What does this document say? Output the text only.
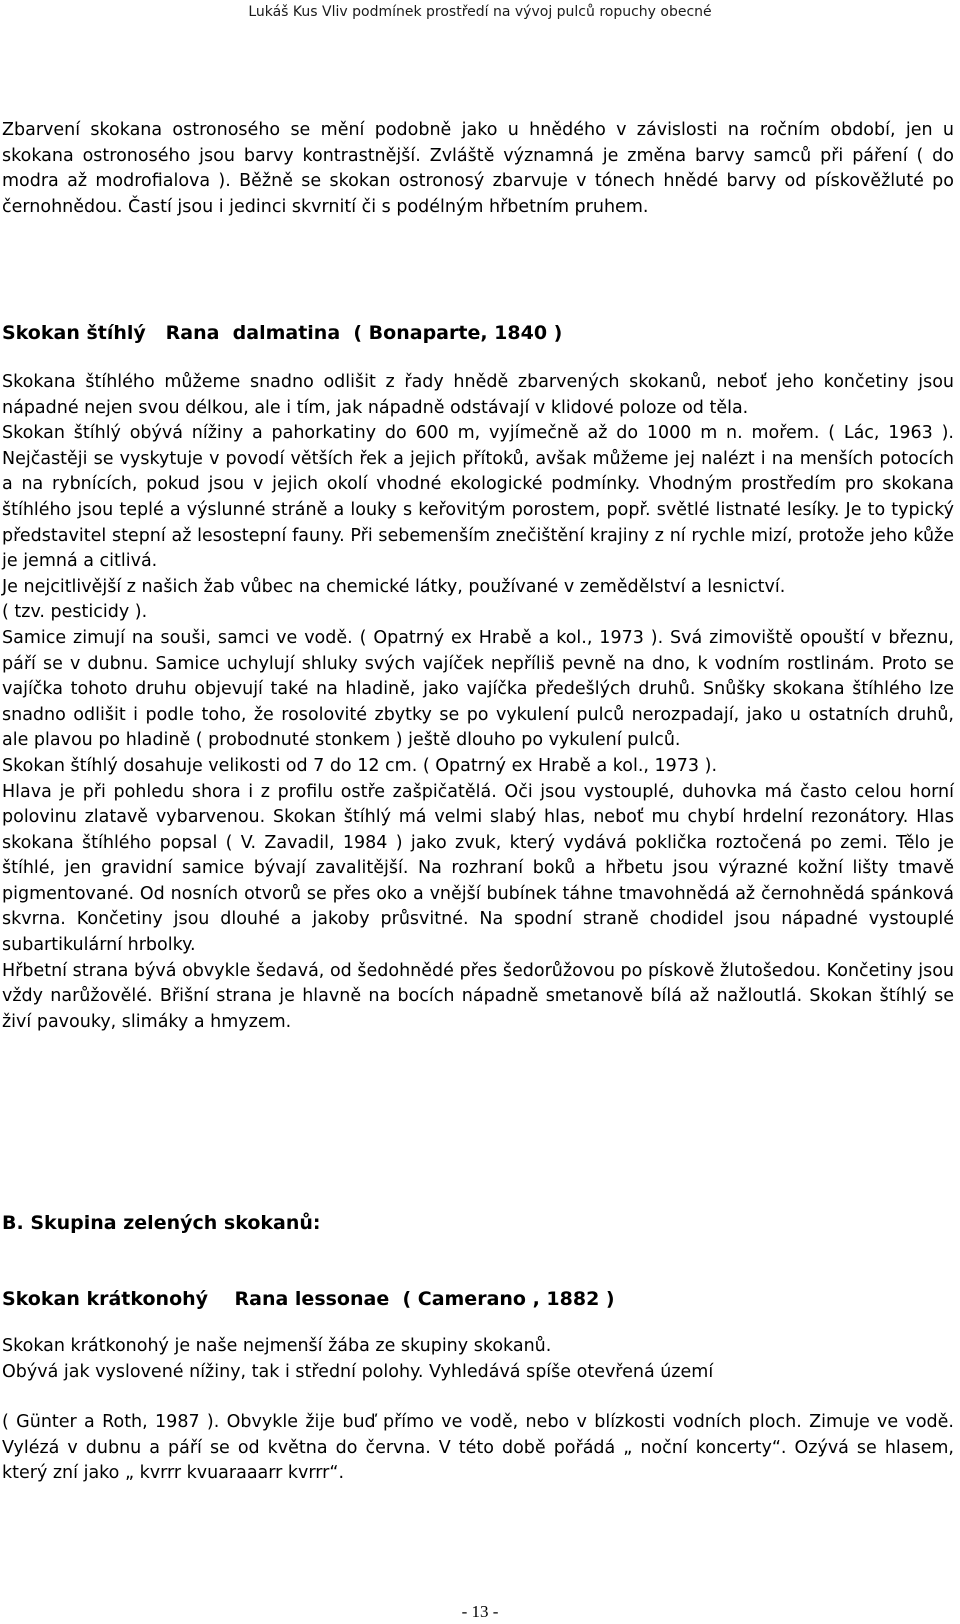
Lukáš Kus Vliv podmínek prostředí na vývoj pulců ropuchy obecné

Zbarvení skokana ostronosého se mění podobně jako u hnědého v závislosti na ročním období, jen u skokana ostronosého jsou barvy kontrastnější. Zvláště významná je změna barvy samců při páření ( do modra až modrofialova ). Běžně se skokan ostronosý zbarvuje v tónech hnědé barvy od pískověžluté po černohnědou. Častí jsou i jedinci skvrnití či s podélným hřbetním pruhem.

Skokan štíhlý   Rana  dalmatina  ( Bonaparte, 1840 )

Skokana štíhlého můžeme snadno odlišit z řady hnědě zbarvených skokanů, neboť jeho končetiny jsou nápadné nejen svou délkou, ale i tím, jak nápadně odstávají v klidové poloze od těla.

Skokan štíhlý obývá nížiny a pahorkatiny do 600 m, vyjímečně až do 1000 m n. mořem. ( Lác, 1963 ). Nejčastěji se vyskytuje v povodí větších řek a jejich přítoků, avšak můžeme jej nalézt i na menších potocích a na rybnících, pokud jsou v jejich okolí vhodné ekologické podmínky. Vhodným prostředím pro skokana štíhlého jsou teplé a výslunné stráně a louky s keřovitým porostem, popř. světlé listnaté lesíky. Je to typický představitel stepní až lesostepní fauny. Při sebemenším znečištění krajiny z ní rychle mizí, protože jeho kůže je jemná a citlivá.

Je nejcitlivější z našich žab vůbec na chemické látky, používané v zemědělství a lesnictví.

( tzv. pesticidy ).

Samice zimují na souši, samci ve vodě. ( Opatrný ex Hrabě a kol., 1973 ). Svá zimoviště opouští v březnu, páří se v dubnu. Samice uchylují shluky svých vajíček nepříliš pevně na dno, k vodním rostlinám. Proto se vajíčka tohoto druhu objevují také na hladině, jako vajíčka předešlých druhů. Snůšky skokana štíhlého lze snadno odlišit i podle toho, že rosolovité zbytky se po vykulení pulců nerozpadají, jako u ostatních druhů, ale plavou po hladině ( probodnuté stonkem ) ještě dlouho po vykulení pulců.

Skokan štíhlý dosahuje velikosti od 7 do 12 cm. ( Opatrný ex Hrabě a kol., 1973 ).

Hlava je při pohledu shora i z profilu ostře zašpičatělá. Oči jsou vystouplé, duhovka má často celou horní polovinu zlatavě vybarvenou. Skokan štíhlý má velmi slabý hlas, neboť mu chybí hrdelní rezonátory. Hlas skokana štíhlého popsal ( V. Zavadil, 1984 ) jako zvuk, který vydává poklička roztočená po zemi. Tělo je štíhlé, jen gravidní samice bývají zavalitější. Na rozhraní boků a hřbetu jsou výrazné kožní lišty tmavě pigmentované. Od nosních otvorů se přes oko a vnější bubínek táhne tmavohnědá až černohnědá spánková skvrna. Končetiny jsou dlouhé a jakoby průsvitné. Na spodní straně chodidel jsou nápadné vystouplé subartikulární hrbolky.

Hřbetní strana bývá obvykle šedavá, od šedohnědé přes šedorůžovou po pískově žlutošedou. Končetiny jsou vždy narůžovělé. Břišní strana je hlavně na bocích nápadně smetanově bílá až nažloutlá. Skokan štíhlý se živí pavouky, slimáky a hmyzem.

B. Skupina zelených skokanů:
Skokan krátkonohý    Rana lessonae  ( Camerano , 1882 )

Skokan krátkonohý je naše nejmenší žába ze skupiny skokanů.

Obývá jak vyslovené nížiny, tak i střední polohy. Vyhledává spíše otevřená území

( Günter a Roth, 1987 ). Obvykle žije buď přímo ve vodě, nebo v blízkosti vodních ploch. Zimuje ve vodě. Vylézá v dubnu a páří se od května do června. V této době pořádá „ noční koncerty“. Ozývá se hlasem, který zní jako „ kvrrr kvuaraaarr kvrrr“.

- 13 -
